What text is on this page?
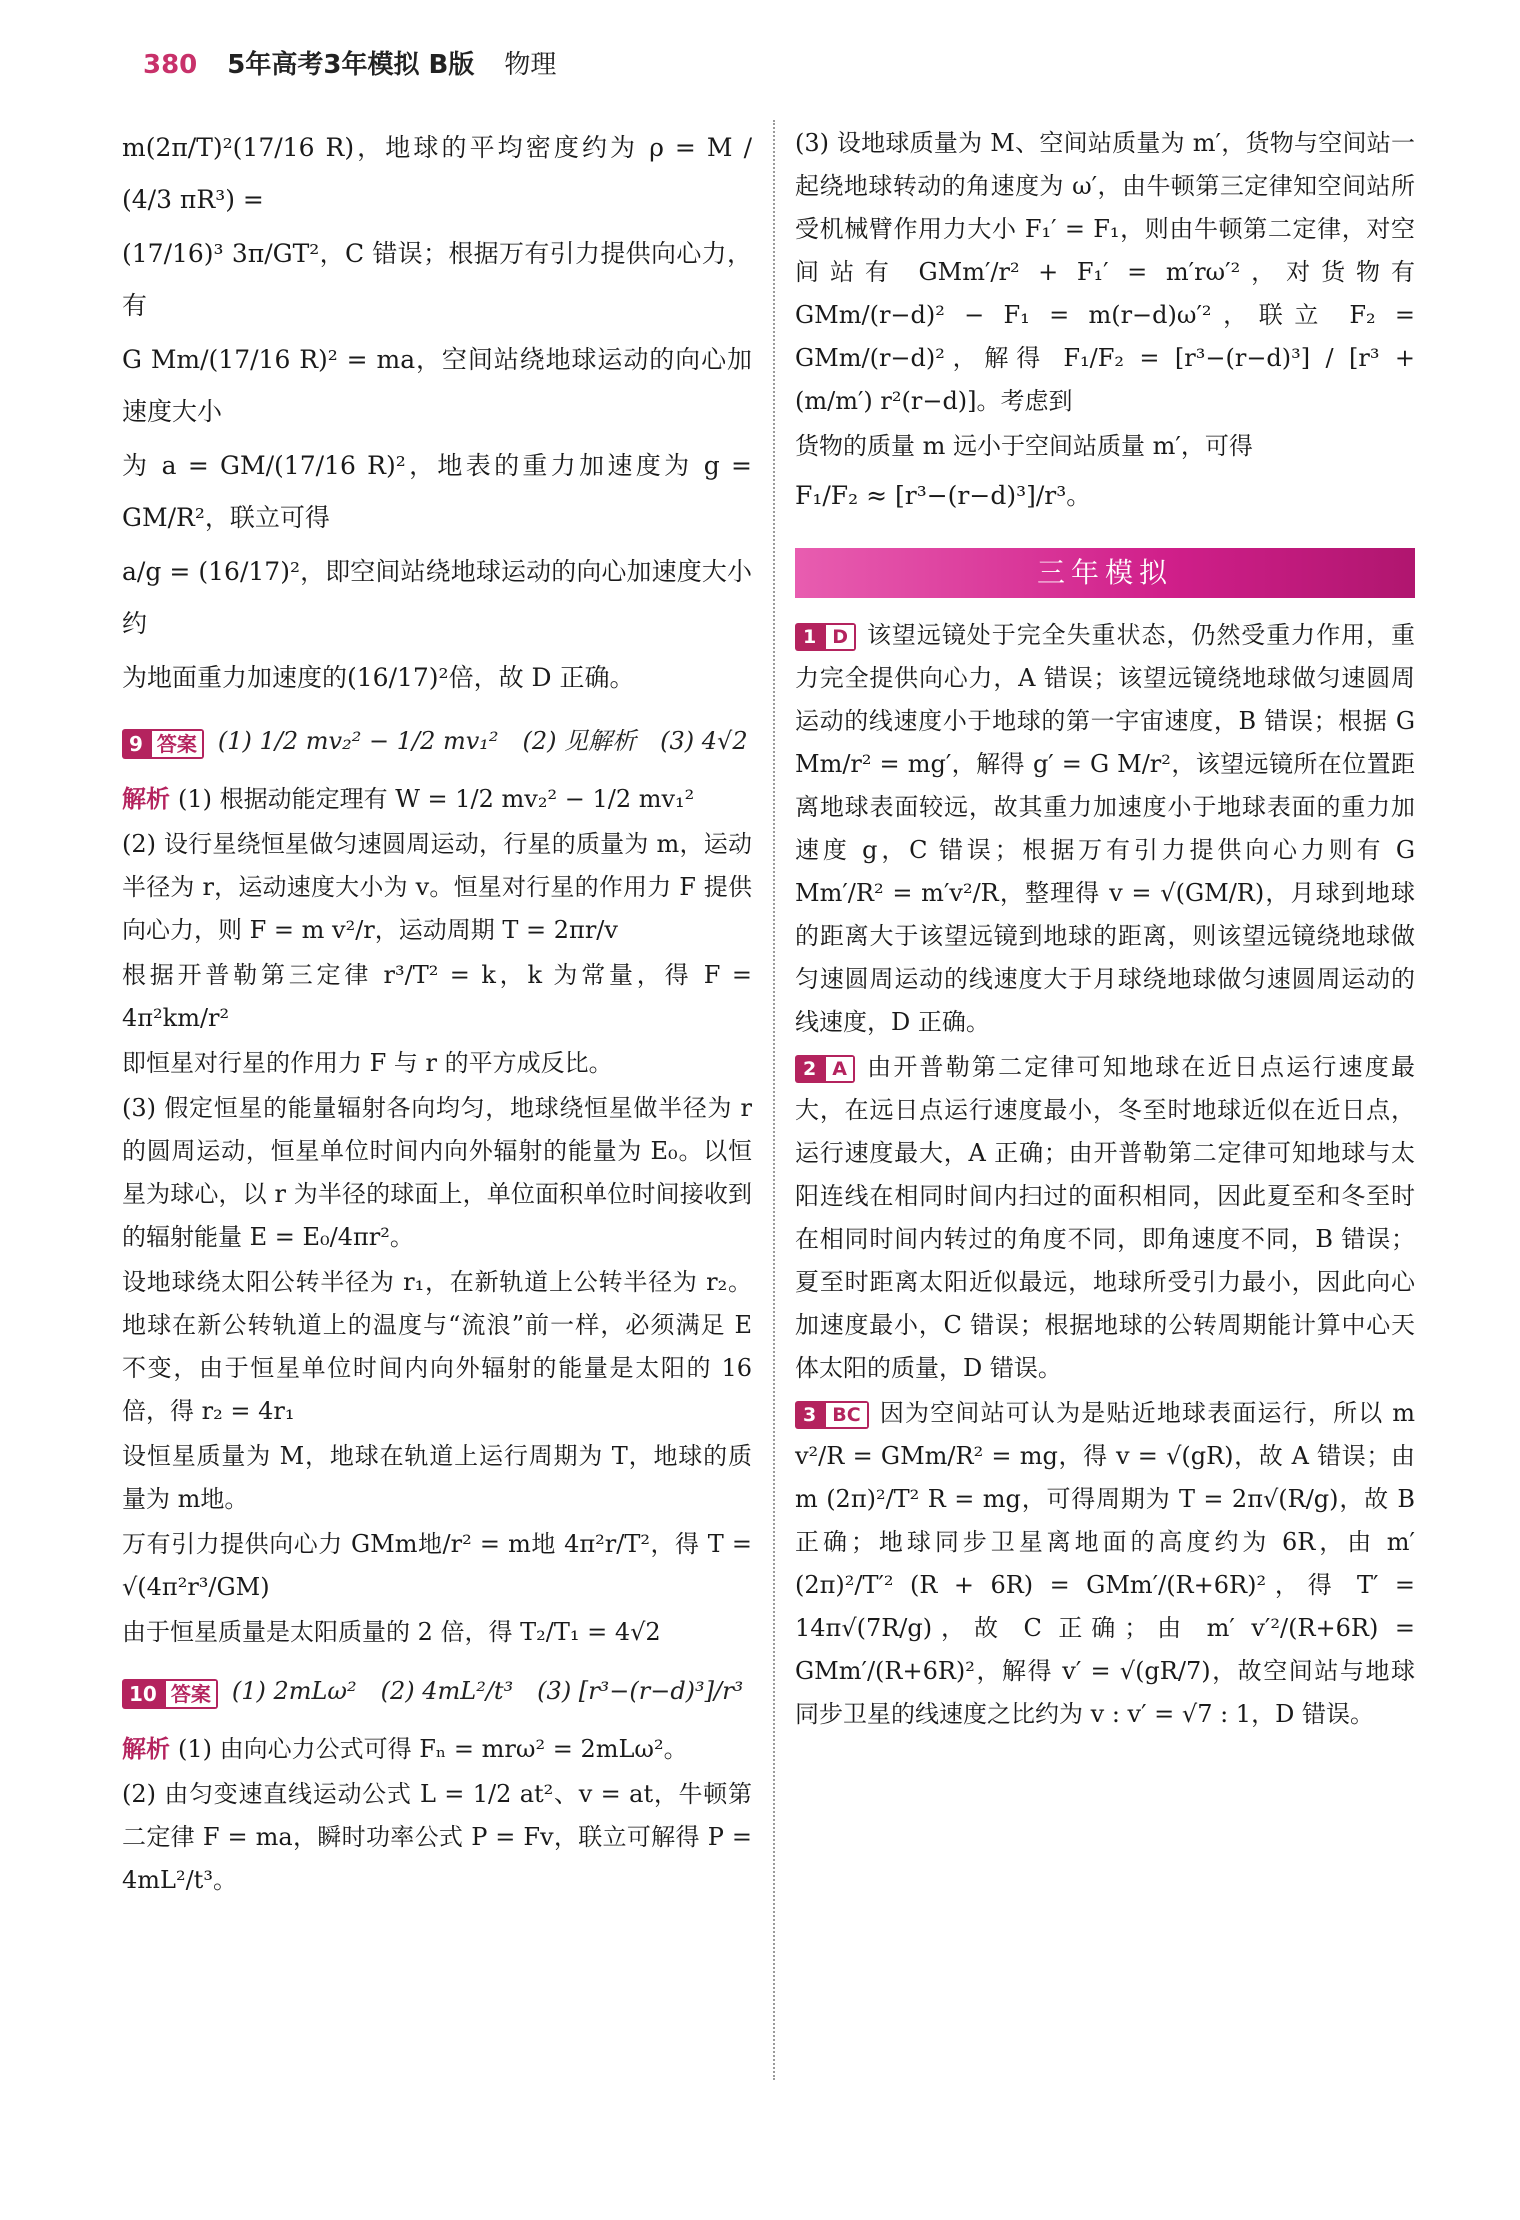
380 5年高考3年模拟 B版 物理
m(2π/T)²(17/16 R)，地球的平均密度约为 ρ = M / (4/3 πR³) =
(17/16)³ 3π/GT²，C 错误；根据万有引力提供向心力，有
G Mm/(17/16 R)² = ma，空间站绕地球运动的向心加速度大小
为 a = GM/(17/16 R)²，地表的重力加速度为 g = GM/R²，联立可得
a/g = (16/17)²，即空间站绕地球运动的向心加速度大小约
为地面重力加速度的(16/17)²倍，故 D 正确。
9 答案 (1) 1/2 mv₂² − 1/2 mv₁²　(2) 见解析　(3) 4√2
解析 (1) 根据动能定理有 W = 1/2 mv₂² − 1/2 mv₁²
(2) 设行星绕恒星做匀速圆周运动，行星的质量为 m，运动半径为 r，运动速度大小为 v。恒星对行星的作用力 F 提供向心力，则 F = m v²/r，运动周期 T = 2πr/v
根据开普勒第三定律 r³/T² = k，k 为常量，得 F = 4π²km/r²
即恒星对行星的作用力 F 与 r 的平方成反比。
(3) 假定恒星的能量辐射各向均匀，地球绕恒星做半径为 r 的圆周运动，恒星单位时间内向外辐射的能量为 E₀。以恒星为球心，以 r 为半径的球面上，单位面积单位时间接收到的辐射能量 E = E₀/4πr²。
设地球绕太阳公转半径为 r₁，在新轨道上公转半径为 r₂。地球在新公转轨道上的温度与“流浪”前一样，必须满足 E 不变，由于恒星单位时间内向外辐射的能量是太阳的 16 倍，得 r₂ = 4r₁
设恒星质量为 M，地球在轨道上运行周期为 T，地球的质量为 m地。
万有引力提供向心力 GMm地/r² = m地 4π²r/T²，得 T = √(4π²r³/GM)
由于恒星质量是太阳质量的 2 倍，得 T₂/T₁ = 4√2
10 答案 (1) 2mLω²　(2) 4mL²/t³　(3) [r³−(r−d)³]/r³
解析 (1) 由向心力公式可得 Fₙ = mrω² = 2mLω²。
(2) 由匀变速直线运动公式 L = 1/2 at²、v = at，牛顿第二定律 F = ma，瞬时功率公式 P = Fv，联立可解得 P = 4mL²/t³。
(3) 设地球质量为 M、空间站质量为 m′，货物与空间站一起绕地球转动的角速度为 ω′，由牛顿第三定律知空间站所受机械臂作用力大小 F₁′ = F₁，则由牛顿第二定律，对空间站有 GMm′/r² + F₁′ = m′rω′²，对货物有 GMm/(r−d)² − F₁ = m(r−d)ω′²，联立 F₂ = GMm/(r−d)²，解得 F₁/F₂ = [r³−(r−d)³] / [r³ + (m/m′) r²(r−d)]。考虑到
货物的质量 m 远小于空间站质量 m′，可得
F₁/F₂ ≈ [r³−(r−d)³]/r³。
三年模拟
1 D 该望远镜处于完全失重状态，仍然受重力作用，重力完全提供向心力，A 错误；该望远镜绕地球做匀速圆周运动的线速度小于地球的第一宇宙速度，B 错误；根据 G Mm/r² = mg′，解得 g′ = G M/r²，该望远镜所在位置距离地球表面较远，故其重力加速度小于地球表面的重力加速度 g，C 错误；根据万有引力提供向心力则有 G Mm′/R² = m′v²/R，整理得 v = √(GM/R)，月球到地球的距离大于该望远镜到地球的距离，则该望远镜绕地球做匀速圆周运动的线速度大于月球绕地球做匀速圆周运动的线速度，D 正确。
2 A 由开普勒第二定律可知地球在近日点运行速度最大，在远日点运行速度最小，冬至时地球近似在近日点，运行速度最大，A 正确；由开普勒第二定律可知地球与太阳连线在相同时间内扫过的面积相同，因此夏至和冬至时在相同时间内转过的角度不同，即角速度不同，B 错误；夏至时距离太阳近似最远，地球所受引力最小，因此向心加速度最小，C 错误；根据地球的公转周期能计算中心天体太阳的质量，D 错误。
3 BC 因为空间站可认为是贴近地球表面运行，所以 m v²/R = GMm/R² = mg，得 v = √(gR)，故 A 错误；由 m (2π)²/T² R = mg，可得周期为 T = 2π√(R/g)，故 B 正确；地球同步卫星离地面的高度约为 6R，由 m′ (2π)²/T′² (R + 6R) = GMm′/(R+6R)²，得 T′ = 14π√(7R/g)，故 C 正确；由 m′ v′²/(R+6R) = GMm′/(R+6R)²，解得 v′ = √(gR/7)，故空间站与地球同步卫星的线速度之比约为 v : v′ = √7 : 1，D 错误。
